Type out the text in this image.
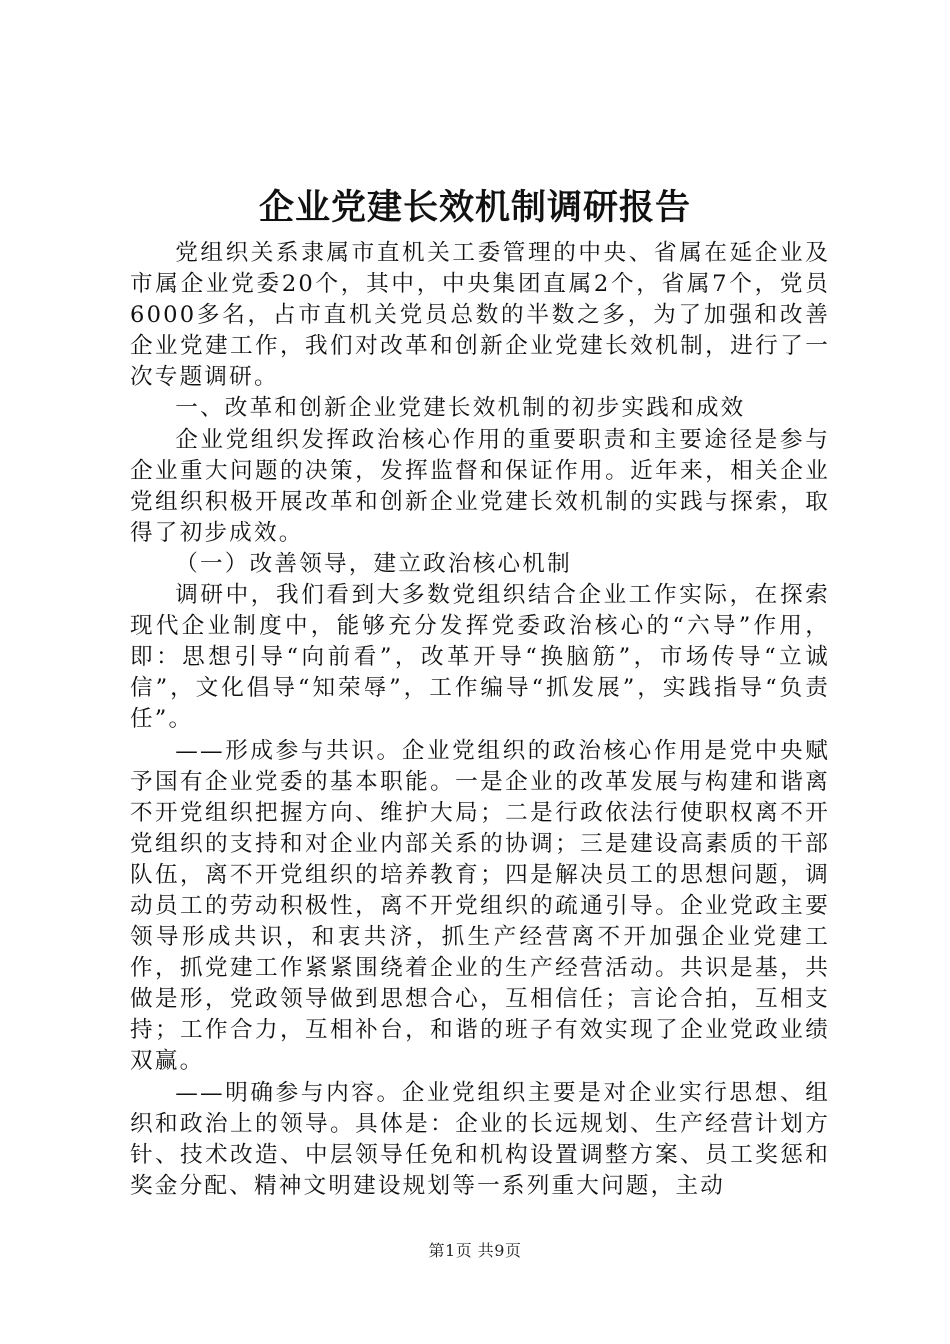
企业党建长效机制调研报告

党组织关系隶属市直机关工委管理的中央、省属在延企业及市属企业党委20个，其中，中央集团直属2个，省属7个，党员6000多名，占市直机关党员总数的半数之多，为了加强和改善企业党建工作，我们对改革和创新企业党建长效机制，进行了一次专题调研。

一、改革和创新企业党建长效机制的初步实践和成效

企业党组织发挥政治核心作用的重要职责和主要途径是参与企业重大问题的决策，发挥监督和保证作用。近年来，相关企业党组织积极开展改革和创新企业党建长效机制的实践与探索，取得了初步成效。

（一）改善领导，建立政治核心机制

调研中，我们看到大多数党组织结合企业工作实际，在探索现代企业制度中，能够充分发挥党委政治核心的“六导”作用，即：思想引导“向前看”，改革开导“换脑筋”，市场传导“立诚信”，文化倡导“知荣辱”，工作编导“抓发展”，实践指导“负责任”。

——形成参与共识。企业党组织的政治核心作用是党中央赋予国有企业党委的基本职能。一是企业的改革发展与构建和谐离不开党组织把握方向、维护大局；二是行政依法行使职权离不开党组织的支持和对企业内部关系的协调；三是建设高素质的干部队伍，离不开党组织的培养教育；四是解决员工的思想问题，调动员工的劳动积极性，离不开党组织的疏通引导。企业党政主要领导形成共识，和衷共济，抓生产经营离不开加强企业党建工作，抓党建工作紧紧围绕着企业的生产经营活动。共识是基，共做是形，党政领导做到思想合心，互相信任；言论合拍，互相支持；工作合力，互相补台，和谐的班子有效实现了企业党政业绩双赢。

——明确参与内容。企业党组织主要是对企业实行思想、组织和政治上的领导。具体是：企业的长远规划、生产经营计划方针、技术改造、中层领导任免和机构设置调整方案、员工奖惩和奖金分配、精神文明建设规划等一系列重大问题，主动

第1页 共9页
